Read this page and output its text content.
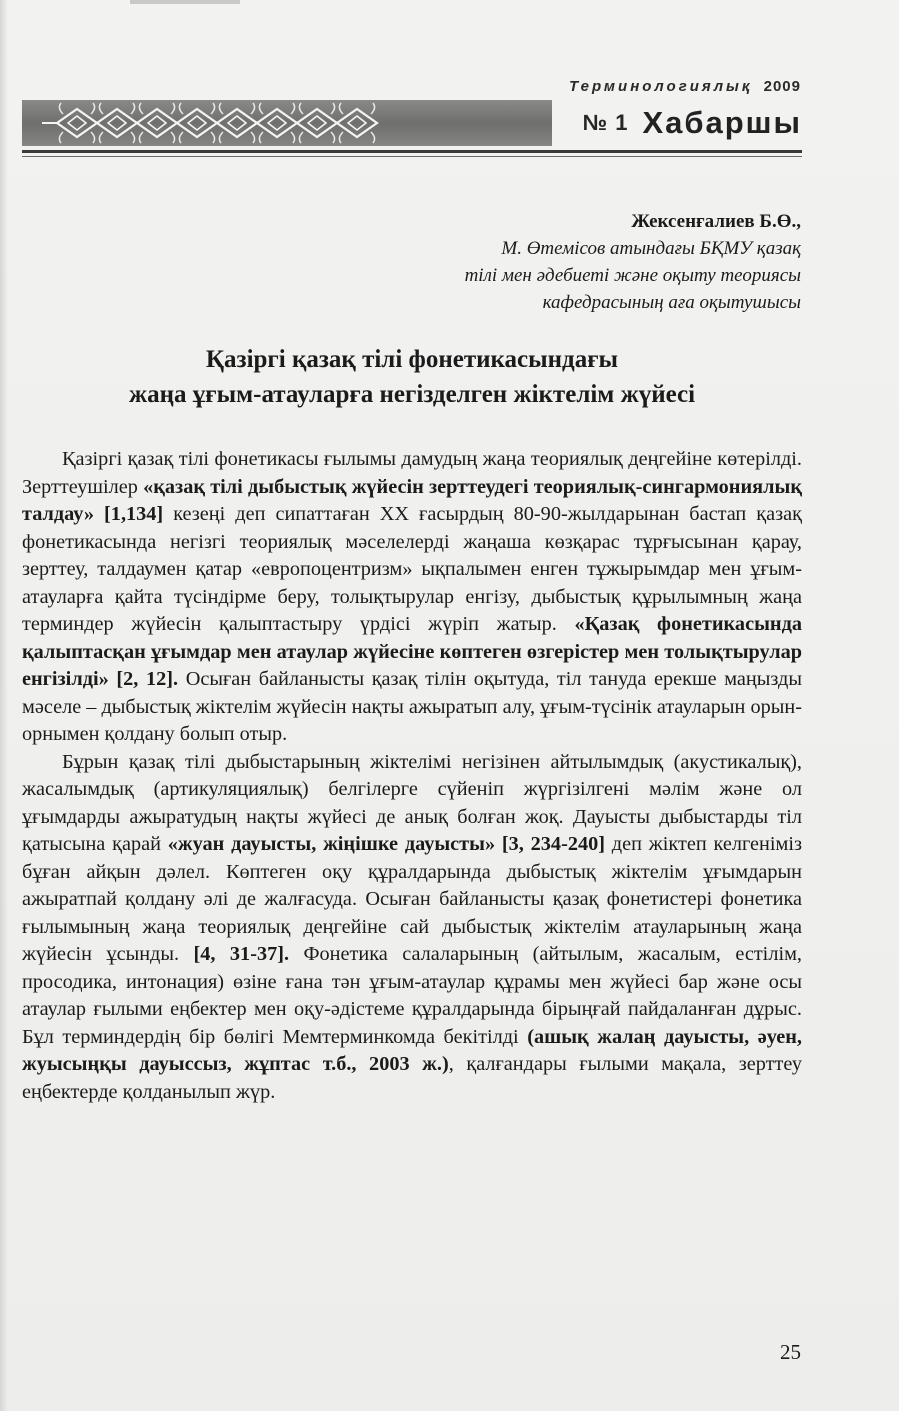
Терминологиялық 2009
№ 1 Хабаршы
Жексенғалиев Б.Ө.,
М. Өтемісов атындағы БҚМУ қазақ
тілі мен әдебиеті және оқыту теориясы
кафедрасының аға оқытушысы
Қазіргі қазақ тілі фонетикасындағы
жаңа ұғым-атауларға негізделген жіктелім жүйесі

Қазіргі қазақ тілі фонетикасы ғылымы дамудың жаңа теориялық деңгейіне көтерілді. Зерттеушілер «қазақ тілі дыбыстық жүйесін зерттеудегі теориялық-сингармониялық талдау» [1,134] кезеңі деп сипаттаған XX ғасырдың 80-90-жылдарынан бастап қазақ фонетикасында негізгі теориялық мәселелерді жаңаша көзқарас тұрғысынан қарау, зерттеу, талдаумен қатар «европоцентризм» ықпалымен енген тұжырымдар мен ұғым-атауларға қайта түсіндірме беру, толықтырулар енгізу, дыбыстық құрылымның жаңа терминдер жүйесін қалыптастыру үрдісі жүріп жатыр. «Қазақ фонетикасында қалыптасқан ұғымдар мен атаулар жүйесіне көптеген өзгерістер мен толықтырулар енгізілді» [2, 12]. Осыған байланысты қазақ тілін оқытуда, тіл тануда ерекше маңызды мәселе – дыбыстық жіктелім жүйесін нақты ажыратып алу, ұғым-түсінік атауларын орын-орнымен қолдану болып отыр.

Бұрын қазақ тілі дыбыстарының жіктелімі негізінен айтылымдық (акустикалық), жасалымдық (артикуляциялық) белгілерге сүйеніп жүргізілгені мәлім және ол ұғымдарды ажыратудың нақты жүйесі де анық болған жоқ. Дауысты дыбыстарды тіл қатысына қарай «жуан дауысты, жіңішке дауысты» [3, 234-240] деп жіктеп келгеніміз бұған айқын дәлел. Көптеген оқу құралдарында дыбыстық жіктелім ұғымдарын ажыратпай қолдану әлі де жалғасуда. Осыған байланысты қазақ фонетистері фонетика ғылымының жаңа теориялық деңгейіне сай дыбыстық жіктелім атауларының жаңа жүйесін ұсынды. [4, 31-37]. Фонетика салаларының (айтылым, жасалым, естілім, просодика, интонация) өзіне ғана тән ұғым-атаулар құрамы мен жүйесі бар және осы атаулар ғылыми еңбектер мен оқу-әдістеме құралдарында бірыңғай пайдаланған дұрыс. Бұл терминдердің бір бөлігі Мемтерминкомда бекітілді (ашық жалаң дауысты, әуен, жуысыңқы дауыссыз, жұптас т.б., 2003 ж.), қалғандары ғылыми мақала, зерттеу еңбектерде қолданылып жүр.

25
